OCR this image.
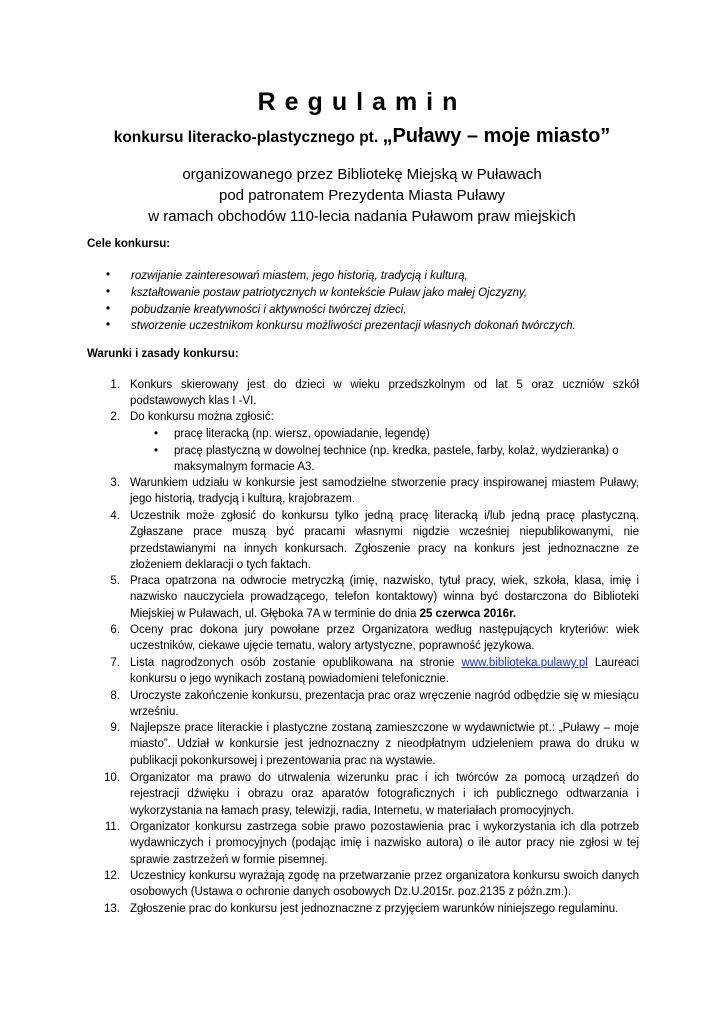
Regulamin

konkursu literacko-plastycznego pt. „Puławy – moje miasto”

organizowanego przez Bibliotekę Miejską w Puławach

pod patronatem Prezydenta Miasta Puławy

w ramach obchodów 110-lecia nadania Puławom praw miejskich

Cele konkursu:

• rozwijanie zainteresowań miastem, jego historią, tradycją i kulturą,
• kształtowanie postaw patriotycznych w kontekście Puław jako małej Ojczyzny,
• pobudzanie kreatywności i aktywności twórczej dzieci,
• stworzenie uczestnikom konkursu możliwości prezentacji własnych dokonań twórczych.

Warunki i zasady konkursu:

1. Konkurs skierowany jest do dzieci w wieku przedszkolnym od lat 5 oraz uczniów szkół podstawowych klas I -VI.
2. Do konkursu można zgłosić:
• pracę literacką (np. wiersz, opowiadanie, legendę)
• pracę plastyczną w dowolnej technice (np. kredka, pastele, farby, kolaż, wydzieranka) o maksymalnym formacie A3.
3. Warunkiem udziału w konkursie jest samodzielne stworzenie pracy inspirowanej miastem Puławy, jego historią, tradycją i kulturą, krajobrazem.
4. Uczestnik może zgłosić do konkursu tylko jedną pracę literacką i/lub jedną pracę plastyczną. Zgłaszane prace muszą być pracami własnymi nigdzie wcześniej niepublikowanymi, nie przedstawianymi na innych konkursach. Zgłoszenie pracy na konkurs jest jednoznaczne ze złożeniem deklaracji o tych faktach.
5. Praca opatrzona na odwrocie metryczką (imię, nazwisko, tytuł pracy, wiek, szkoła, klasa, imię i nazwisko nauczyciela prowadzącego, telefon kontaktowy) winna być dostarczona do Biblioteki Miejskiej w Puławach, ul. Głęboka 7A w terminie do dnia 25 czerwca 2016r.
6. Oceny prac dokona jury powołane przez Organizatora według następujących kryteriów: wiek uczestników, ciekawe ujęcie tematu, walory artystyczne, poprawność językowa.
7. Lista nagrodzonych osób zostanie opublikowana na stronie www.biblioteka.pulawy.pl Laureaci konkursu o jego wynikach zostaną powiadomieni telefonicznie.
8. Uroczyste zakończenie konkursu, prezentacja prac oraz wręczenie nagród odbędzie się w miesiącu wrześniu.
9. Najlepsze prace literackie i plastyczne zostaną zamieszczone w wydawnictwie pt.: „Puławy – moje miasto”. Udział w konkursie jest jednoznaczny z nieodpłatnym udzieleniem prawa do druku w publikacji pokonkursowej i prezentowania prac na wystawie.
10. Organizator ma prawo do utrwalenia wizerunku prac i ich twórców za pomocą urządzeń do rejestracji dźwięku i obrazu oraz aparatów fotograficznych i ich publicznego odtwarzania i wykorzystania na łamach prasy, telewizji, radia, Internetu, w materiałach promocyjnych.
11. Organizator konkursu zastrzega sobie prawo pozostawienia prac i wykorzystania ich dla potrzeb wydawniczych i promocyjnych (podając imię i nazwisko autora) o ile autor pracy nie zgłosi w tej sprawie zastrzeżeń w formie pisemnej.
12. Uczestnicy konkursu wyrażają zgodę na przetwarzanie przez organizatora konkursu swoich danych osobowych (Ustawa o ochronie danych osobowych Dz.U.2015r. poz.2135 z późn.zm.).
13. Zgłoszenie prac do konkursu jest jednoznaczne z przyjęciem warunków niniejszego regulaminu.
